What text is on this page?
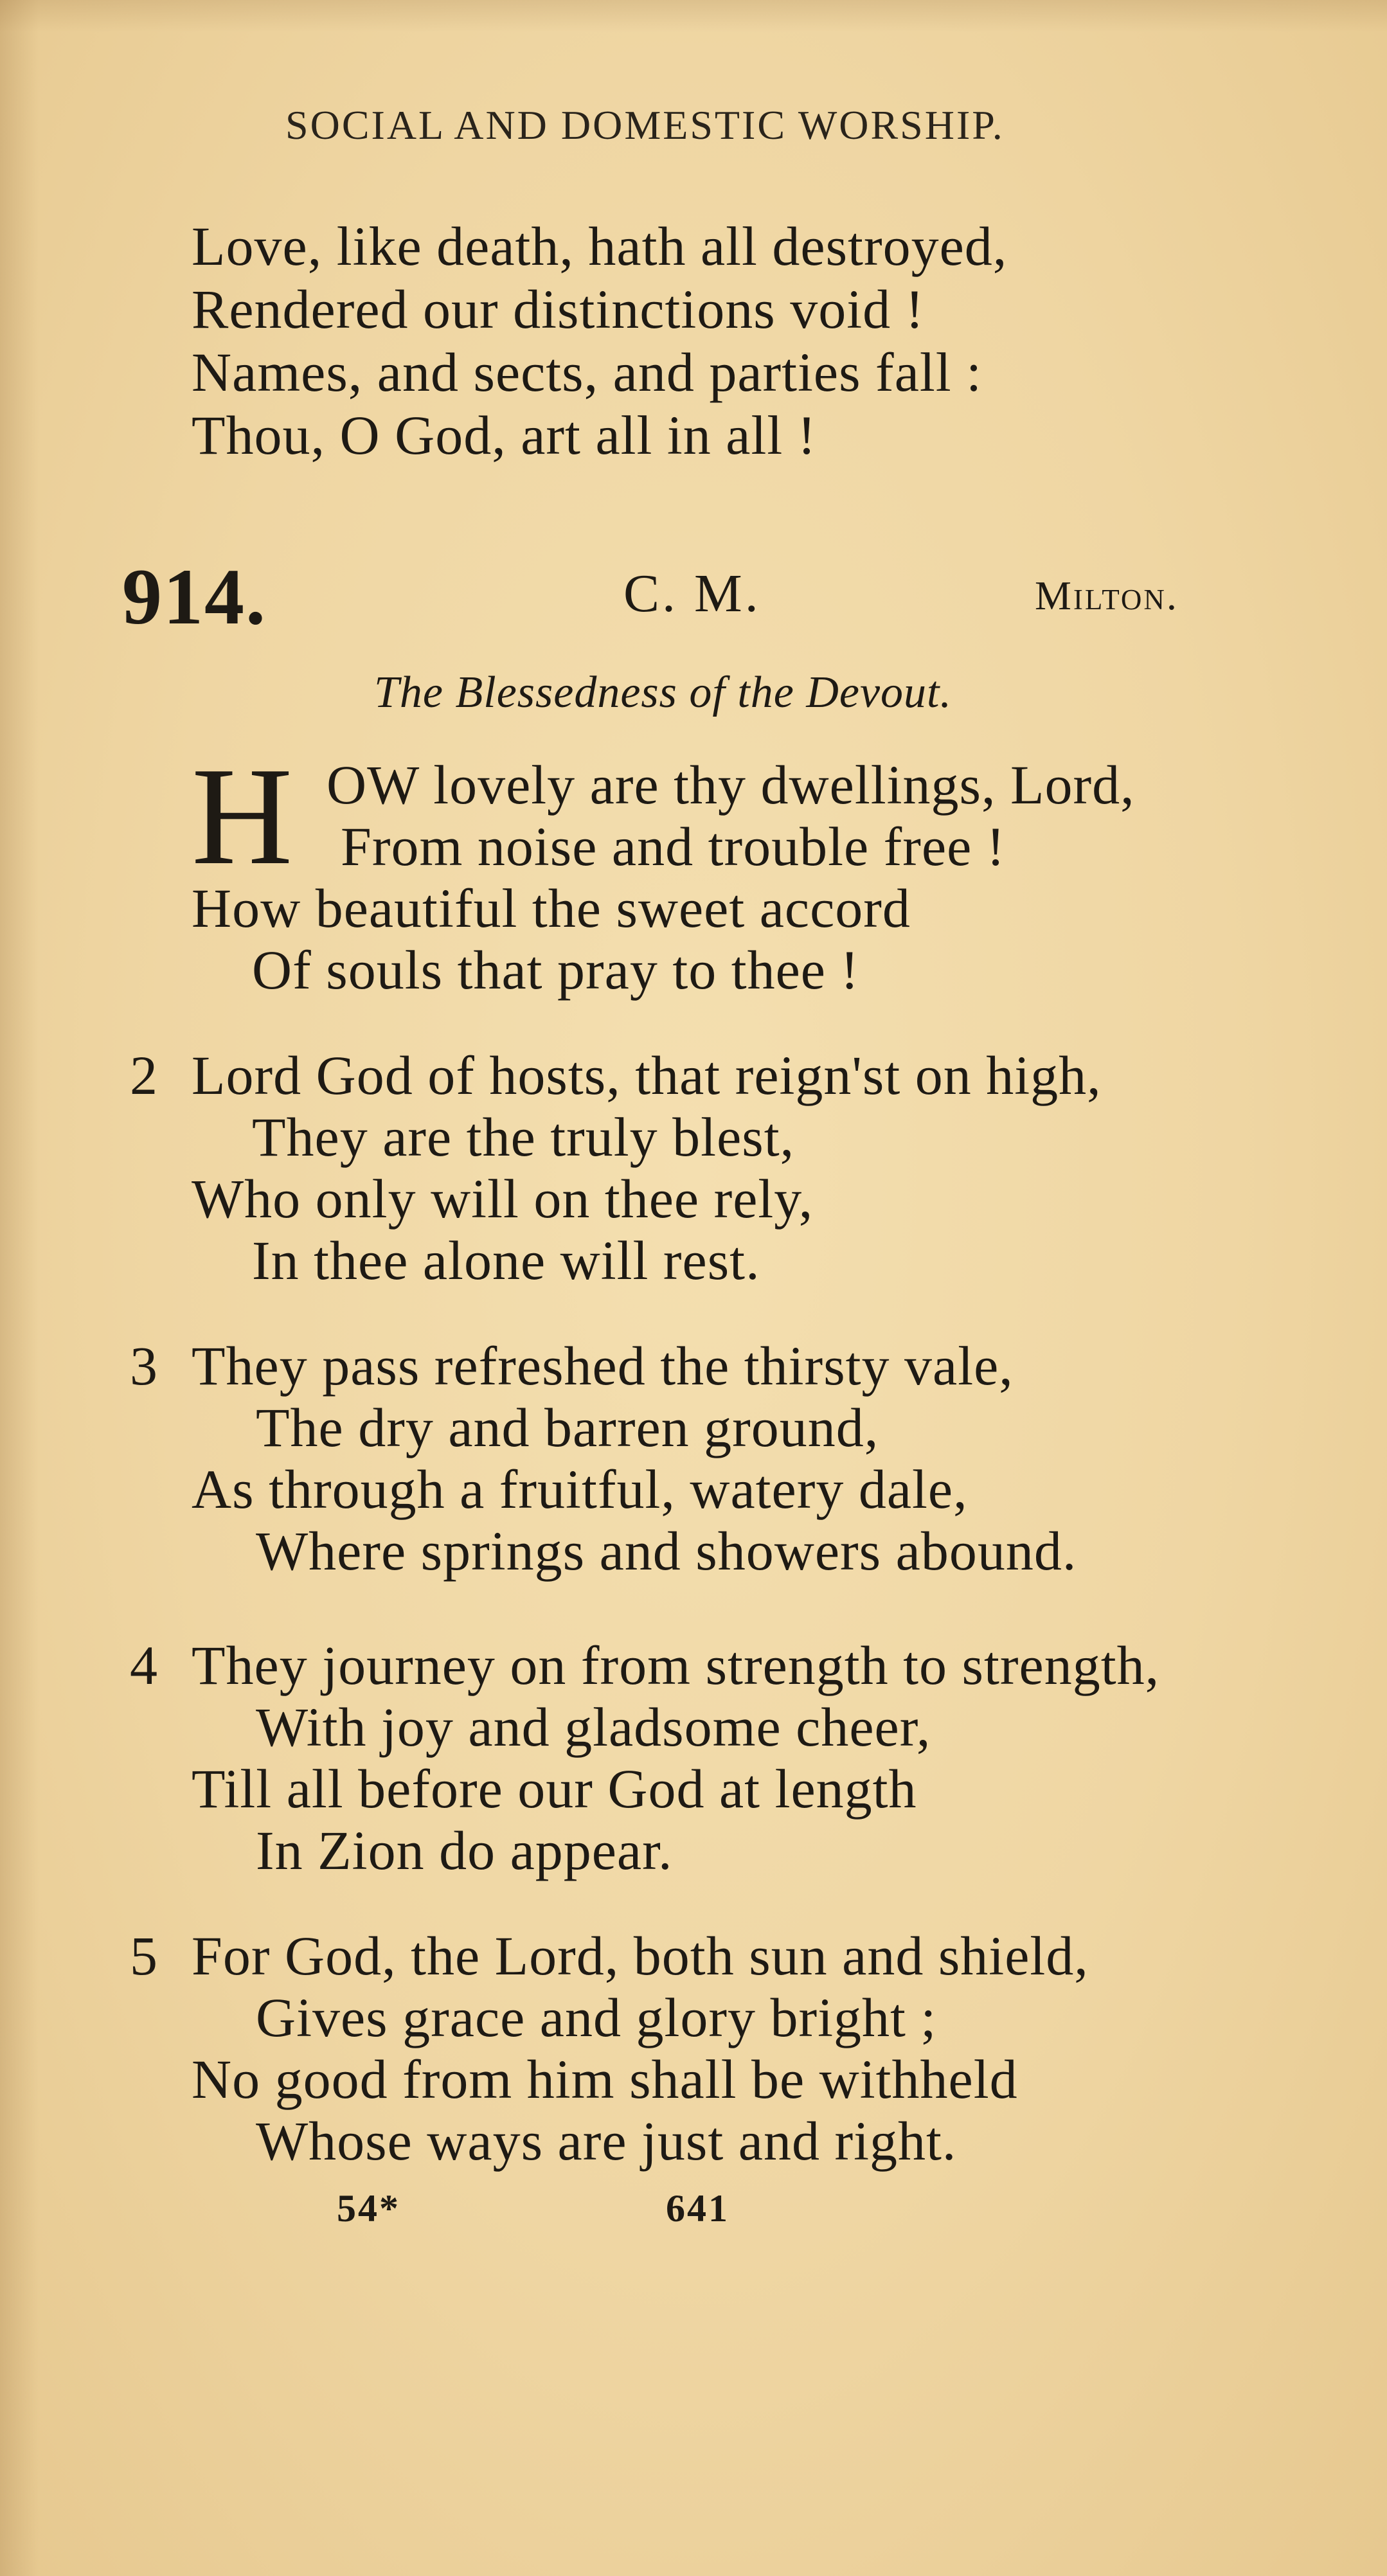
SOCIAL AND DOMESTIC WORSHIP.
Love, like death, hath all destroyed,
Rendered our distinctions void !
Names, and sects, and parties fall :
Thou, O God, art all in all !
914.	C. M.	Milton.
The Blessedness of the Devout.
H OW lovely are thy dwellings, Lord,
From noise and trouble free !
How beautiful the sweet accord
Of souls that pray to thee !
2 Lord God of hosts, that reign'st on high,
They are the truly blest,
Who only will on thee rely,
In thee alone will rest.
3 They pass refreshed the thirsty vale,
The dry and barren ground,
As through a fruitful, watery dale,
Where springs and showers abound.
4 They journey on from strength to strength,
With joy and gladsome cheer,
Till all before our God at length
In Zion do appear.
5 For God, the Lord, both sun and shield,
Gives grace and glory bright ;
No good from him shall be withheld
Whose ways are just and right.
54*	641
